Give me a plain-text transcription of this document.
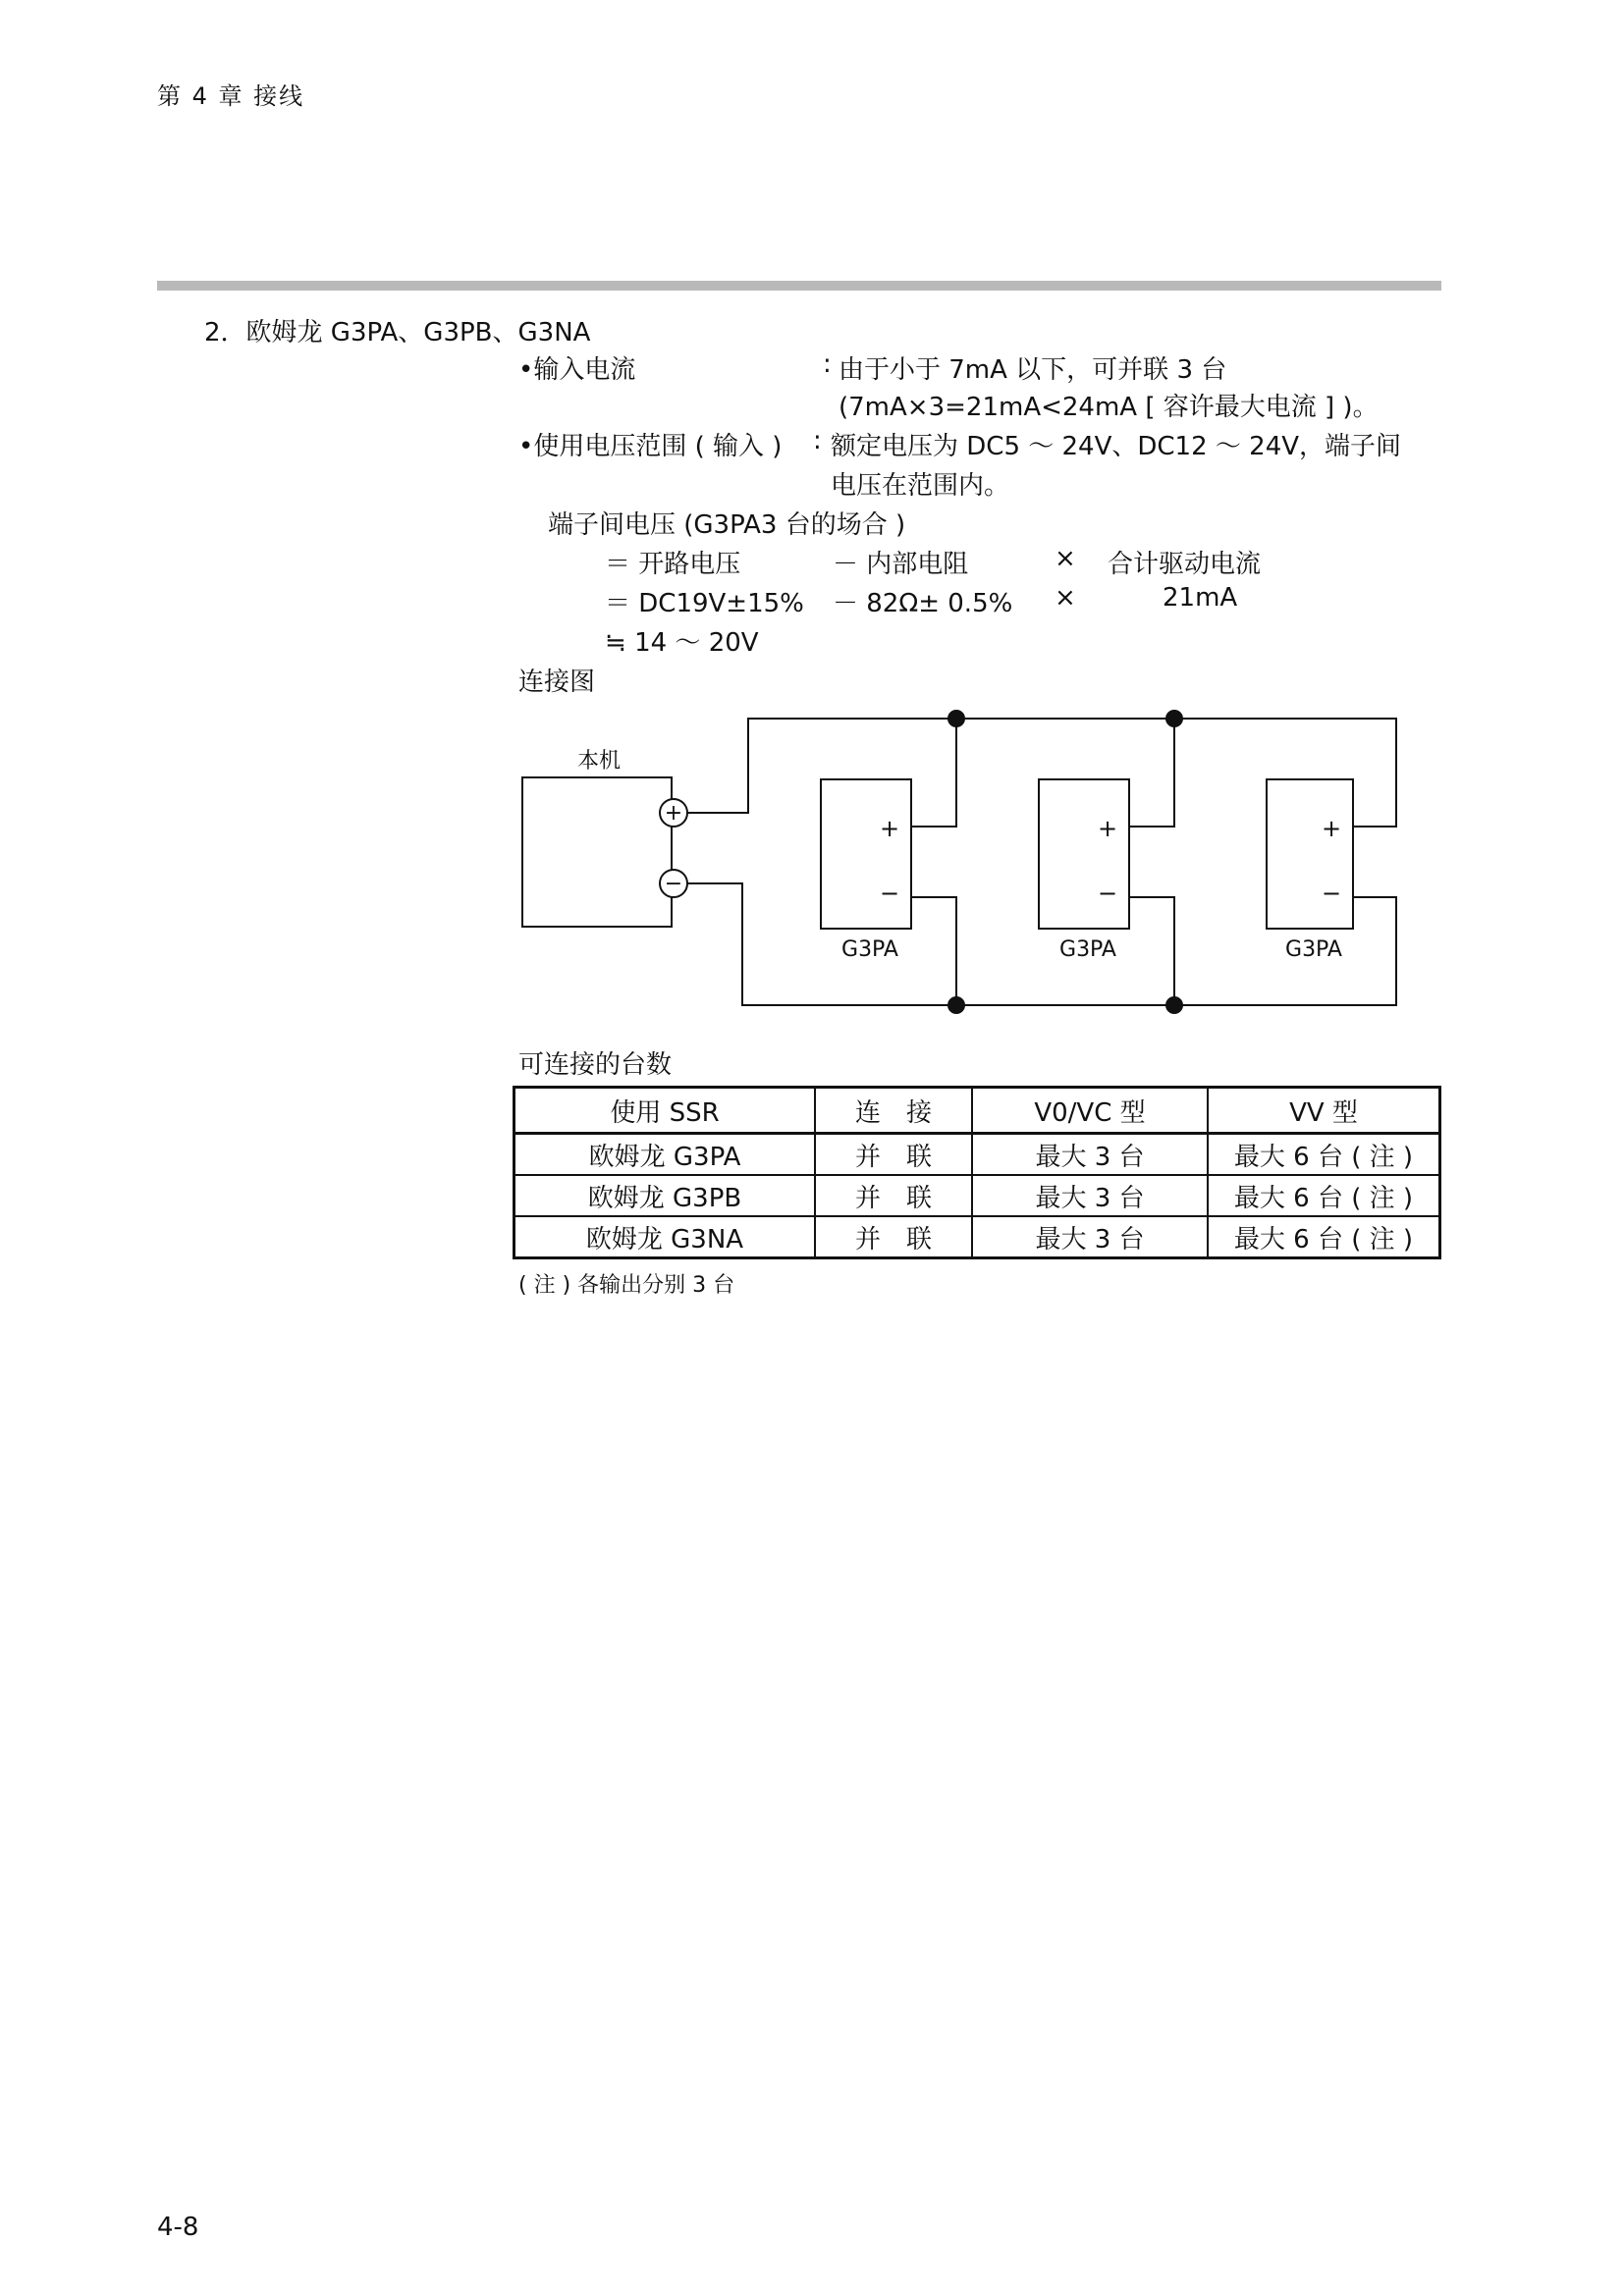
第 4 章 接线
2．欧姆龙 G3PA、G3PB、G3NA
•输入电流	: 由于小于 7mA 以下，可并联 3 台
(7mA×3=21mA<24mA [ 容许最大电流 ] )。
•使用电压范围 ( 输入 ) : 额定电压为 DC5 ～ 24V、DC12 ～ 24V，端子间
电压在范围内。
端子间电压 (G3PA3 台的场合 )
＝ 开路电压	－ 内部电阻	× 合计驱动电流
＝ DC19V±15% － 82Ω± 0.5% ×	21mA
≒ 14 ～ 20V
连接图
本机
+
−
+
−
G3PA
+
−
G3PA
+
−
G3PA
可连接的台数
使用 SSR	连　接	V0/VC 型	VV 型
欧姆龙 G3PA	并　联	最大 3 台	最大 6 台 ( 注 )
欧姆龙 G3PB	并　联	最大 3 台	最大 6 台 ( 注 )
欧姆龙 G3NA	并　联	最大 3 台	最大 6 台 ( 注 )
( 注 ) 各输出分别 3 台
4-8
